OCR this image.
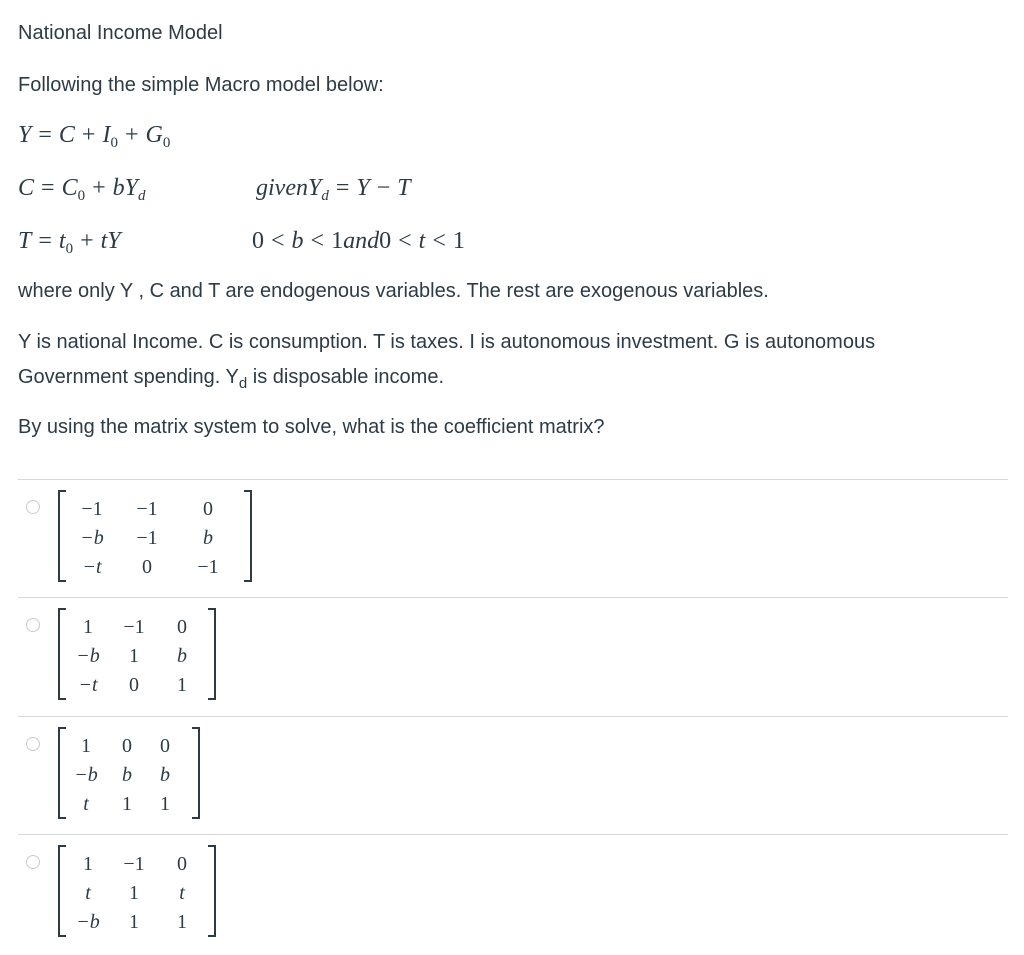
National Income Model
Following the simple Macro model below:
$Y = C + I_0 + G_0$
$C = C_0 + bY_d$	givenY$_d$ = Y − T
$T = t_0$ + tY	0 < b < 1and0 < t < 1
where only Y , C and T are endogenous variables. The rest are exogenous variables.
Y is national Income. C is consumption. T is taxes. I is autonomous investment. G is autonomous
Government spending. $Y_d$ is disposable income.
By using the matrix system to solve, what is the coefficient matrix?
−1	−1	0
−b	−1	b
−t	0	−1
1	−1	0
−b	1	b
−t	0	1
1	0	0
−b	b	b
t	1	1
1	−1	0
t	1	t
−b	1	1
